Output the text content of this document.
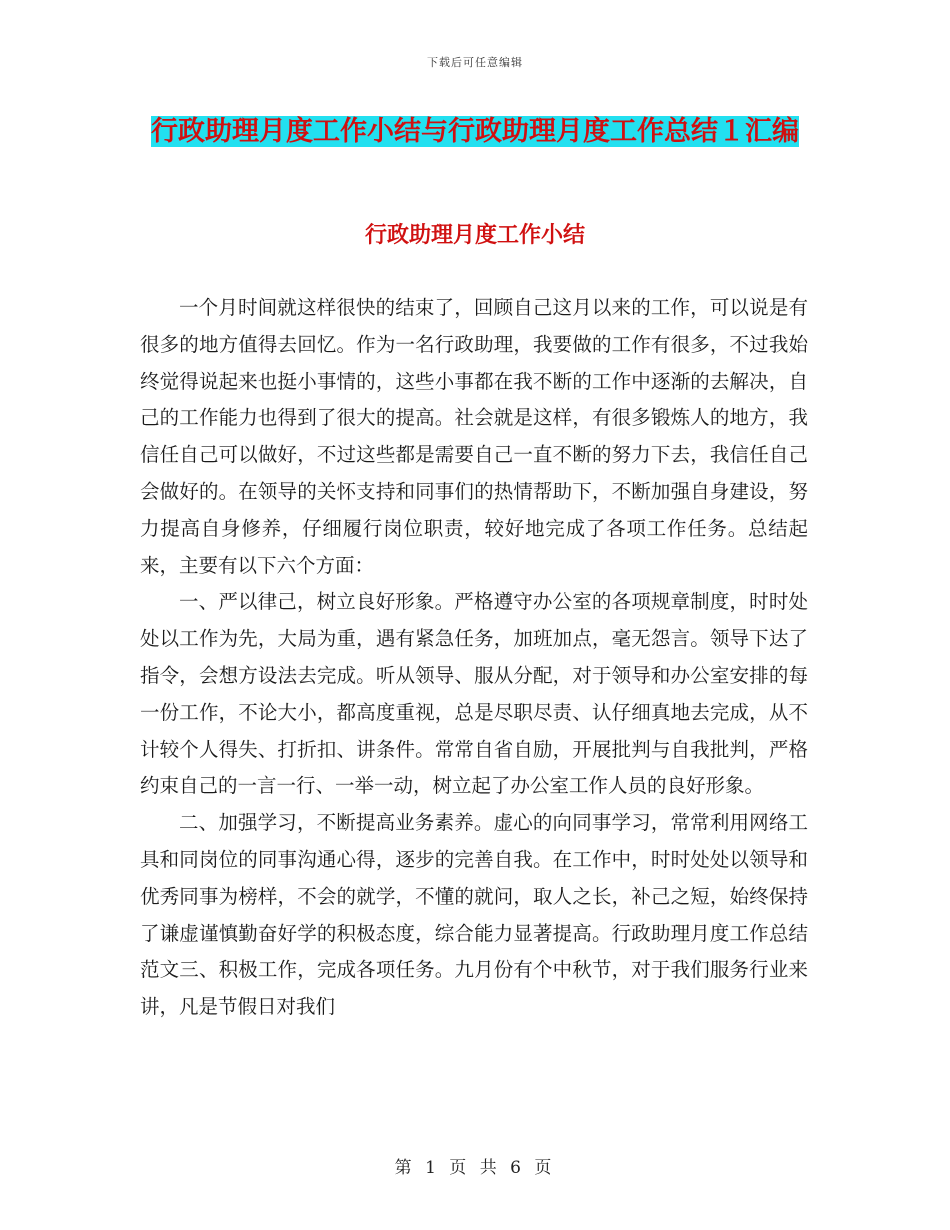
下载后可任意编辑
行政助理月度工作小结与行政助理月度工作总结１汇编
行政助理月度工作小结

一个月时间就这样很快的结束了，回顾自己这月以来的工作，可以说是有很多的地方值得去回忆。作为一名行政助理，我要做的工作有很多，不过我始终觉得说起来也挺小事情的，这些小事都在我不断的工作中逐渐的去解决，自己的工作能力也得到了很大的提高。社会就是这样，有很多锻炼人的地方，我信任自己可以做好，不过这些都是需要自己一直不断的努力下去，我信任自己会做好的。在领导的关怀支持和同事们的热情帮助下，不断加强自身建设，努力提高自身修养，仔细履行岗位职责，较好地完成了各项工作任务。总结起来，主要有以下六个方面：

一、严以律己，树立良好形象。严格遵守办公室的各项规章制度，时时处处以工作为先，大局为重，遇有紧急任务，加班加点，毫无怨言。领导下达了指令，会想方设法去完成。听从领导、服从分配，对于领导和办公室安排的每一份工作，不论大小，都高度重视，总是尽职尽责、认仔细真地去完成，从不计较个人得失、打折扣、讲条件。常常自省自励，开展批判与自我批判，严格约束自己的一言一行、一举一动，树立起了办公室工作人员的良好形象。

二、加强学习，不断提高业务素养。虚心的向同事学习，常常利用网络工具和同岗位的同事沟通心得，逐步的完善自我。在工作中，时时处处以领导和优秀同事为榜样，不会的就学，不懂的就问，取人之长，补己之短，始终保持了谦虚谨慎勤奋好学的积极态度，综合能力显著提高。行政助理月度工作总结范文三、积极工作，完成各项任务。九月份有个中秋节，对于我们服务行业来讲，凡是节假日对我们

第 1 页 共 6 页
